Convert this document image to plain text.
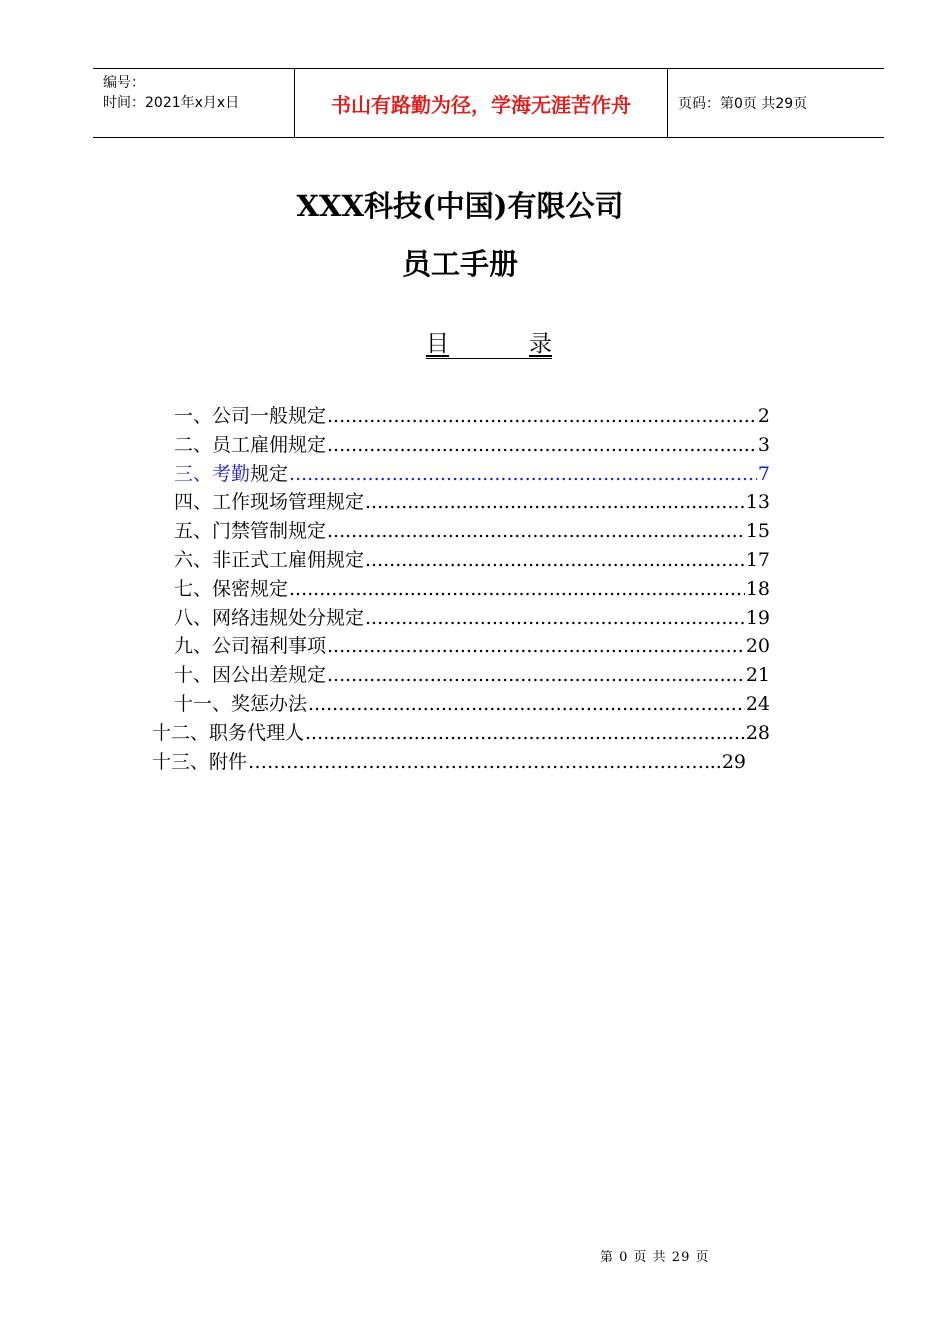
编号：
时间：2021年x月x日	书山有路勤为径，学海无涯苦作舟	页码：第0页 共29页
XXX科技(中国)有限公司
员工手册
目	录
一、公司一般规定 .....	2
二、员工雇佣规定 .....	3
三、考勤规定 .....	7
四、工作现场管理规定 .....	13
五、门禁管制规定 .....	15
六、非正式工雇佣规定 .....	17
七、保密规定 .....	18
八、网络违规处分规定 .....	19
九、公司福利事项 .....	20
十、因公出差规定 .....	21
十一、奖惩办法 .....	24
十二、职务代理人 .....	28
十三、附件 …………………………………………………………………………………………	..29
第 0 页 共 29 页
